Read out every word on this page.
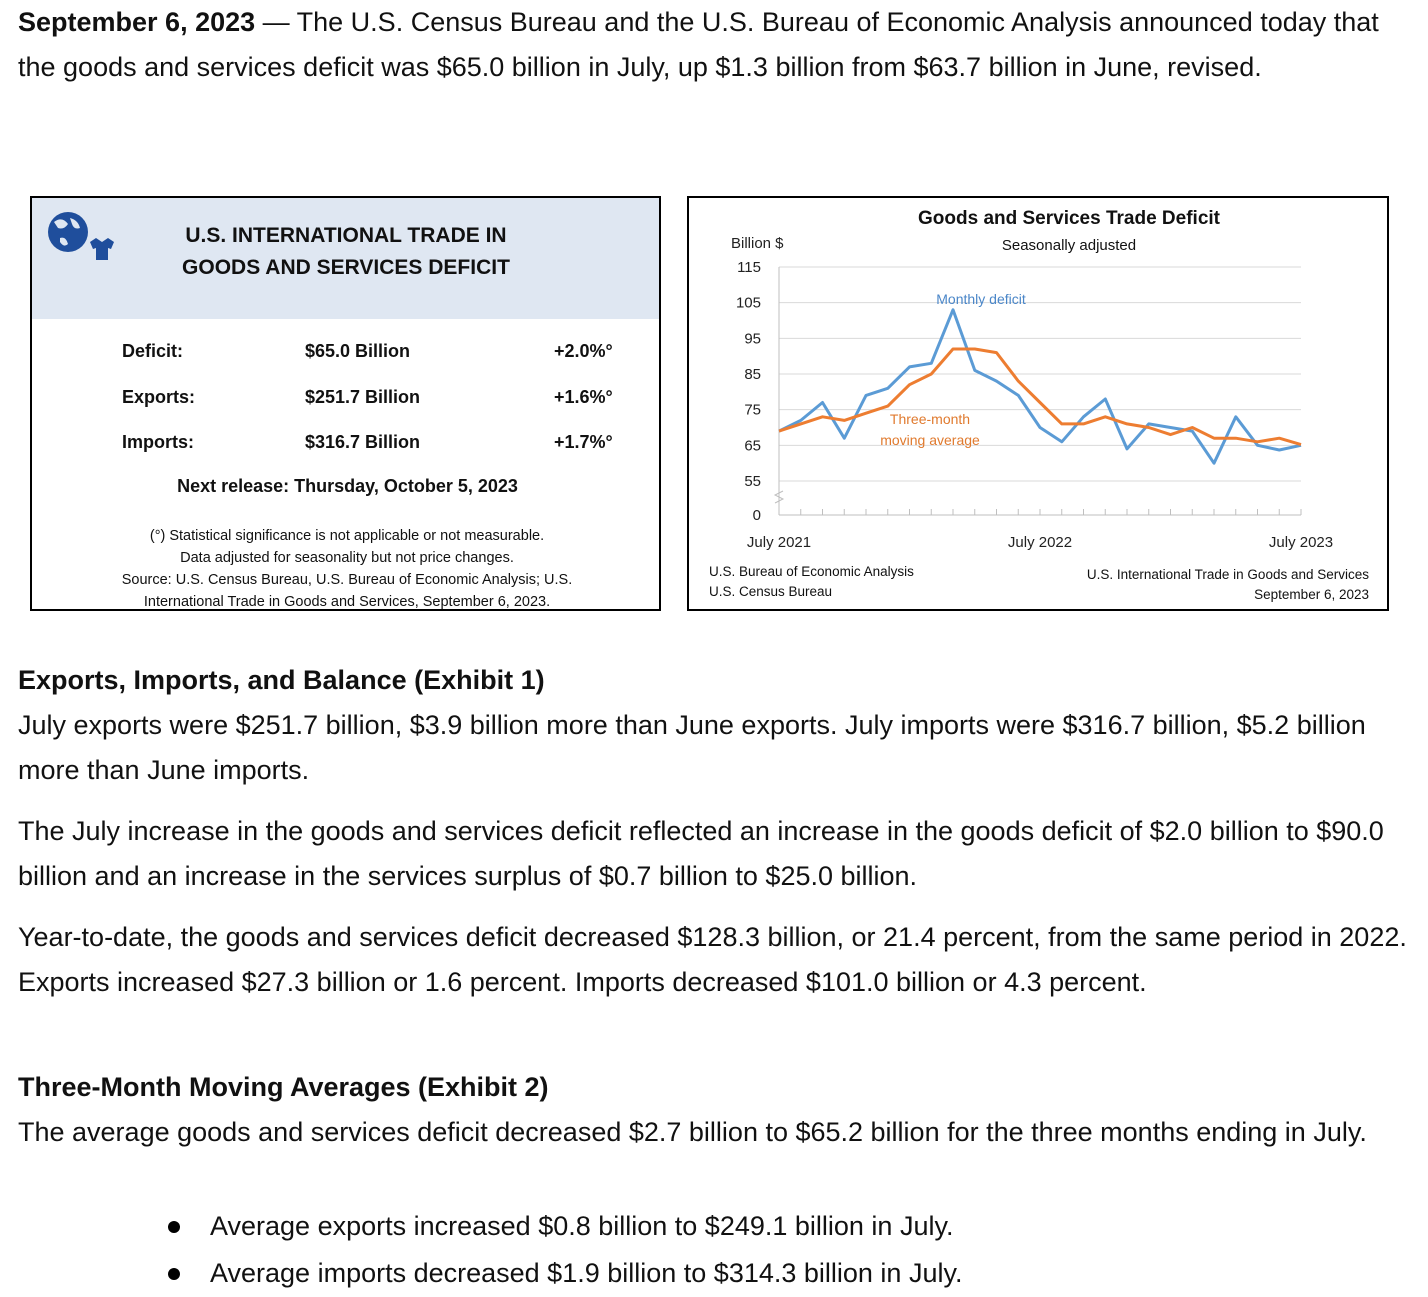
September 6, 2023 — The U.S. Census Bureau and the U.S. Bureau of Economic Analysis announced today that the goods and services deficit was $65.0 billion in July, up $1.3 billion from $63.7 billion in June, revised.

U.S. INTERNATIONAL TRADE IN
GOODS AND SERVICES DEFICIT
Deficit:	$65.0 Billion	+2.0%°
Exports:	$251.7 Billion	+1.6%°
Imports:	$316.7 Billion	+1.7%°
Next release: Thursday, October 5, 2023
(°) Statistical significance is not applicable or not measurable.
Data adjusted for seasonality but not price changes.
Source: U.S. Census Bureau, U.S. Bureau of Economic Analysis; U.S.
International Trade in Goods and Services, September 6, 2023.
Goods and Services Trade Deficit
Seasonally adjusted
Billion $
0
55
65
75
85
95
105
115
July 2021	July 2022	July 2023
Monthly deficit
Three-month
moving average
U.S. Bureau of Economic Analysis
U.S. Census Bureau
U.S. International Trade in Goods and Services
September 6, 2023
Exports, Imports, and Balance (Exhibit 1)

July exports were $251.7 billion, $3.9 billion more than June exports. July imports were $316.7 billion, $5.2 billion more than June imports.

The July increase in the goods and services deficit reflected an increase in the goods deficit of $2.0 billion to $90.0 billion and an increase in the services surplus of $0.7 billion to $25.0 billion.

Year-to-date, the goods and services deficit decreased $128.3 billion, or 21.4 percent, from the same period in 2022. Exports increased $27.3 billion or 1.6 percent. Imports decreased $101.0 billion or 4.3 percent.

Three-Month Moving Averages (Exhibit 2)

The average goods and services deficit decreased $2.7 billion to $65.2 billion for the three months ending in July.

Average exports increased $0.8 billion to $249.1 billion in July.
Average imports decreased $1.9 billion to $314.3 billion in July.
